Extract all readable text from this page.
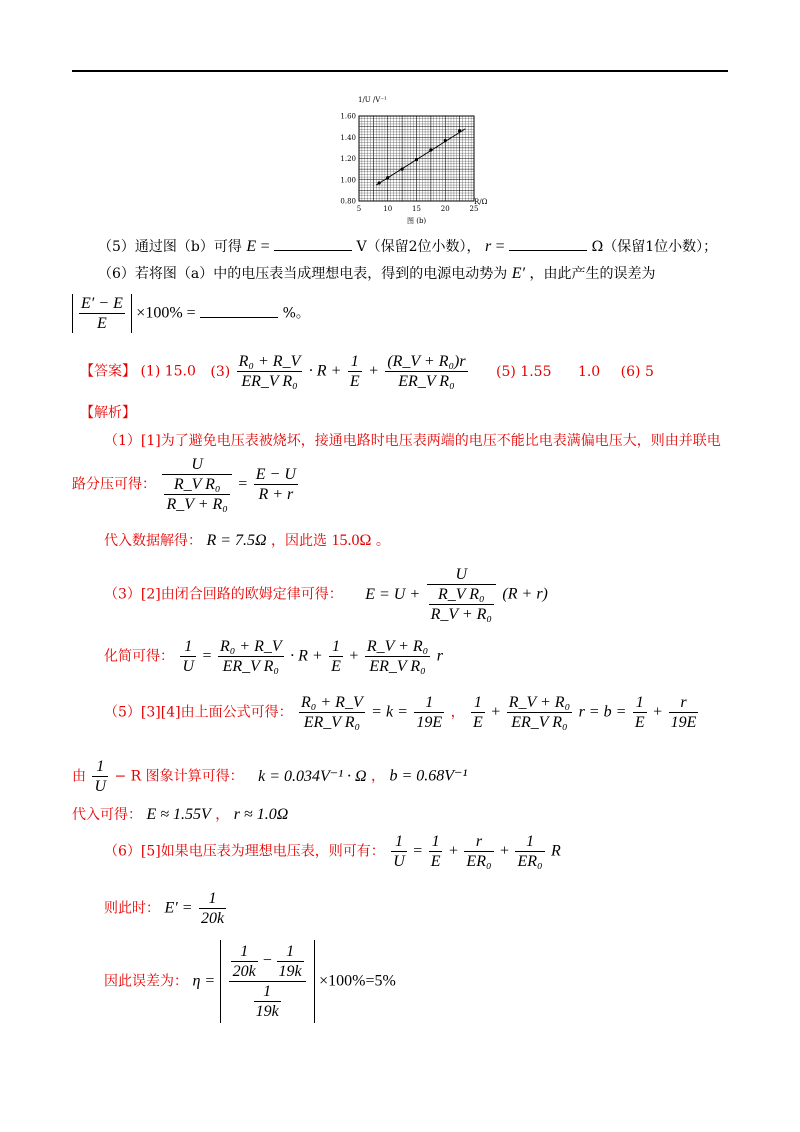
1/U /V⁻¹
R/Ω
图 (b)
0.80
1.00
1.20
1.40
1.60
5	10	15	20	25
（5）通过图（b）可得 E =	V（保留2位小数）， r =	Ω（保留1位小数）；
（6）若将图（a）中的电压表当成理想电表，得到的电源电动势为 E′ ，由此产生的误差为
$\frac{E' - E}{E} \times 100\%$ =	%。
【答案】 (1) 15.0 $(3) \frac{\text{R₀ + R\_V}}{\text{ER\_V R₀}} \cdot R + \frac{1}{E} + \frac{\text{(R\_V + R₀)r}}{\text{ER\_V R₀}} (5)$ 1.55 1.0 (6) 5
【解析】
（1）[1]为了避免电压表被烧坏，接通电路时电压表两端的电压不能比电表满偏电压大，则由并联电
路分压可得： U
R_V R₀
R_V + $R_0 = \frac{E - U}{R + r}$
代入数据解得： R = 7.5Ω ，因此选 15.0Ω 。
（3）[2]由闭合回路的欧姆定律可得： E = U + U
R_V R₀
R_V + R₀ (R + r)
化简可得： $\frac{1}{U} = \frac{\text{R₀ + R\_V}}{\text{ER\_V R₀}} \cdot R + \frac{1}{E} + \frac{\text{R\_V + R₀}}{\text{ER\_V R₀}}$ r
（5）[3][4]由上面公式可得： $\frac{\text{R₀ + R\_V}}{\text{ER\_V R₀}} = k = \frac{1}{19E}$ ， $\frac{1}{E} + \frac{\text{R\_V + R₀}}{\text{ER\_V R₀}}$ $r = b = \frac{1}{E} + \frac{r}{19E}$
由 $\frac{1}{U} - R$ 图象计算可得： k = 0.034V⁻¹ · Ω ， b = 0.68V⁻¹
代入可得： E ≈ 1.55V ， r ≈ 1.0Ω
（6）[5]如果电压表为理想电压表，则可有： $\frac{1}{U} = \frac{1}{E} + \frac{r}{\text{ER₀}} + \frac{1}{\text{ER₀}}$ R
则此时： $E' = \frac{1}{20k}$
因此误差为： $\eta = \frac{\frac{1}{20k} - \frac{1}{19k}}{\frac{1}{19k}} \times 100\%=5\%$
